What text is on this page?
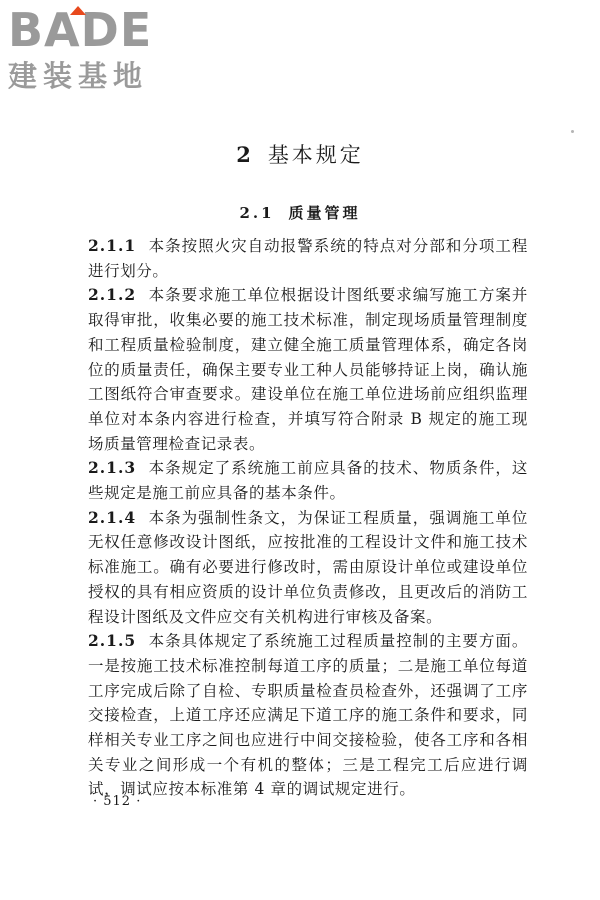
BADE
建装基地
2 基本规定
2.1 质量管理

2.1.1 本条按照火灾自动报警系统的特点对分部和分项工程进行划分。

2.1.2 本条要求施工单位根据设计图纸要求编写施工方案并取得审批，收集必要的施工技术标准，制定现场质量管理制度和工程质量检验制度，建立健全施工质量管理体系，确定各岗位的质量责任，确保主要专业工种人员能够持证上岗，确认施工图纸符合审查要求。建设单位在施工单位进场前应组织监理单位对本条内容进行检查，并填写符合附录 B 规定的施工现场质量管理检查记录表。

2.1.3 本条规定了系统施工前应具备的技术、物质条件，这些规定是施工前应具备的基本条件。

2.1.4 本条为强制性条文，为保证工程质量，强调施工单位无权任意修改设计图纸，应按批准的工程设计文件和施工技术标准施工。确有必要进行修改时，需由原设计单位或建设单位授权的具有相应资质的设计单位负责修改，且更改后的消防工程设计图纸及文件应交有关机构进行审核及备案。

2.1.5 本条具体规定了系统施工过程质量控制的主要方面。一是按施工技术标准控制每道工序的质量；二是施工单位每道工序完成后除了自检、专职质量检查员检查外，还强调了工序交接检查，上道工序还应满足下道工序的施工条件和要求，同样相关专业工序之间也应进行中间交接检验，使各工序和各相关专业之间形成一个有机的整体；三是工程完工后应进行调试，调试应按本标准第 4 章的调试规定进行。

· 512 ·
